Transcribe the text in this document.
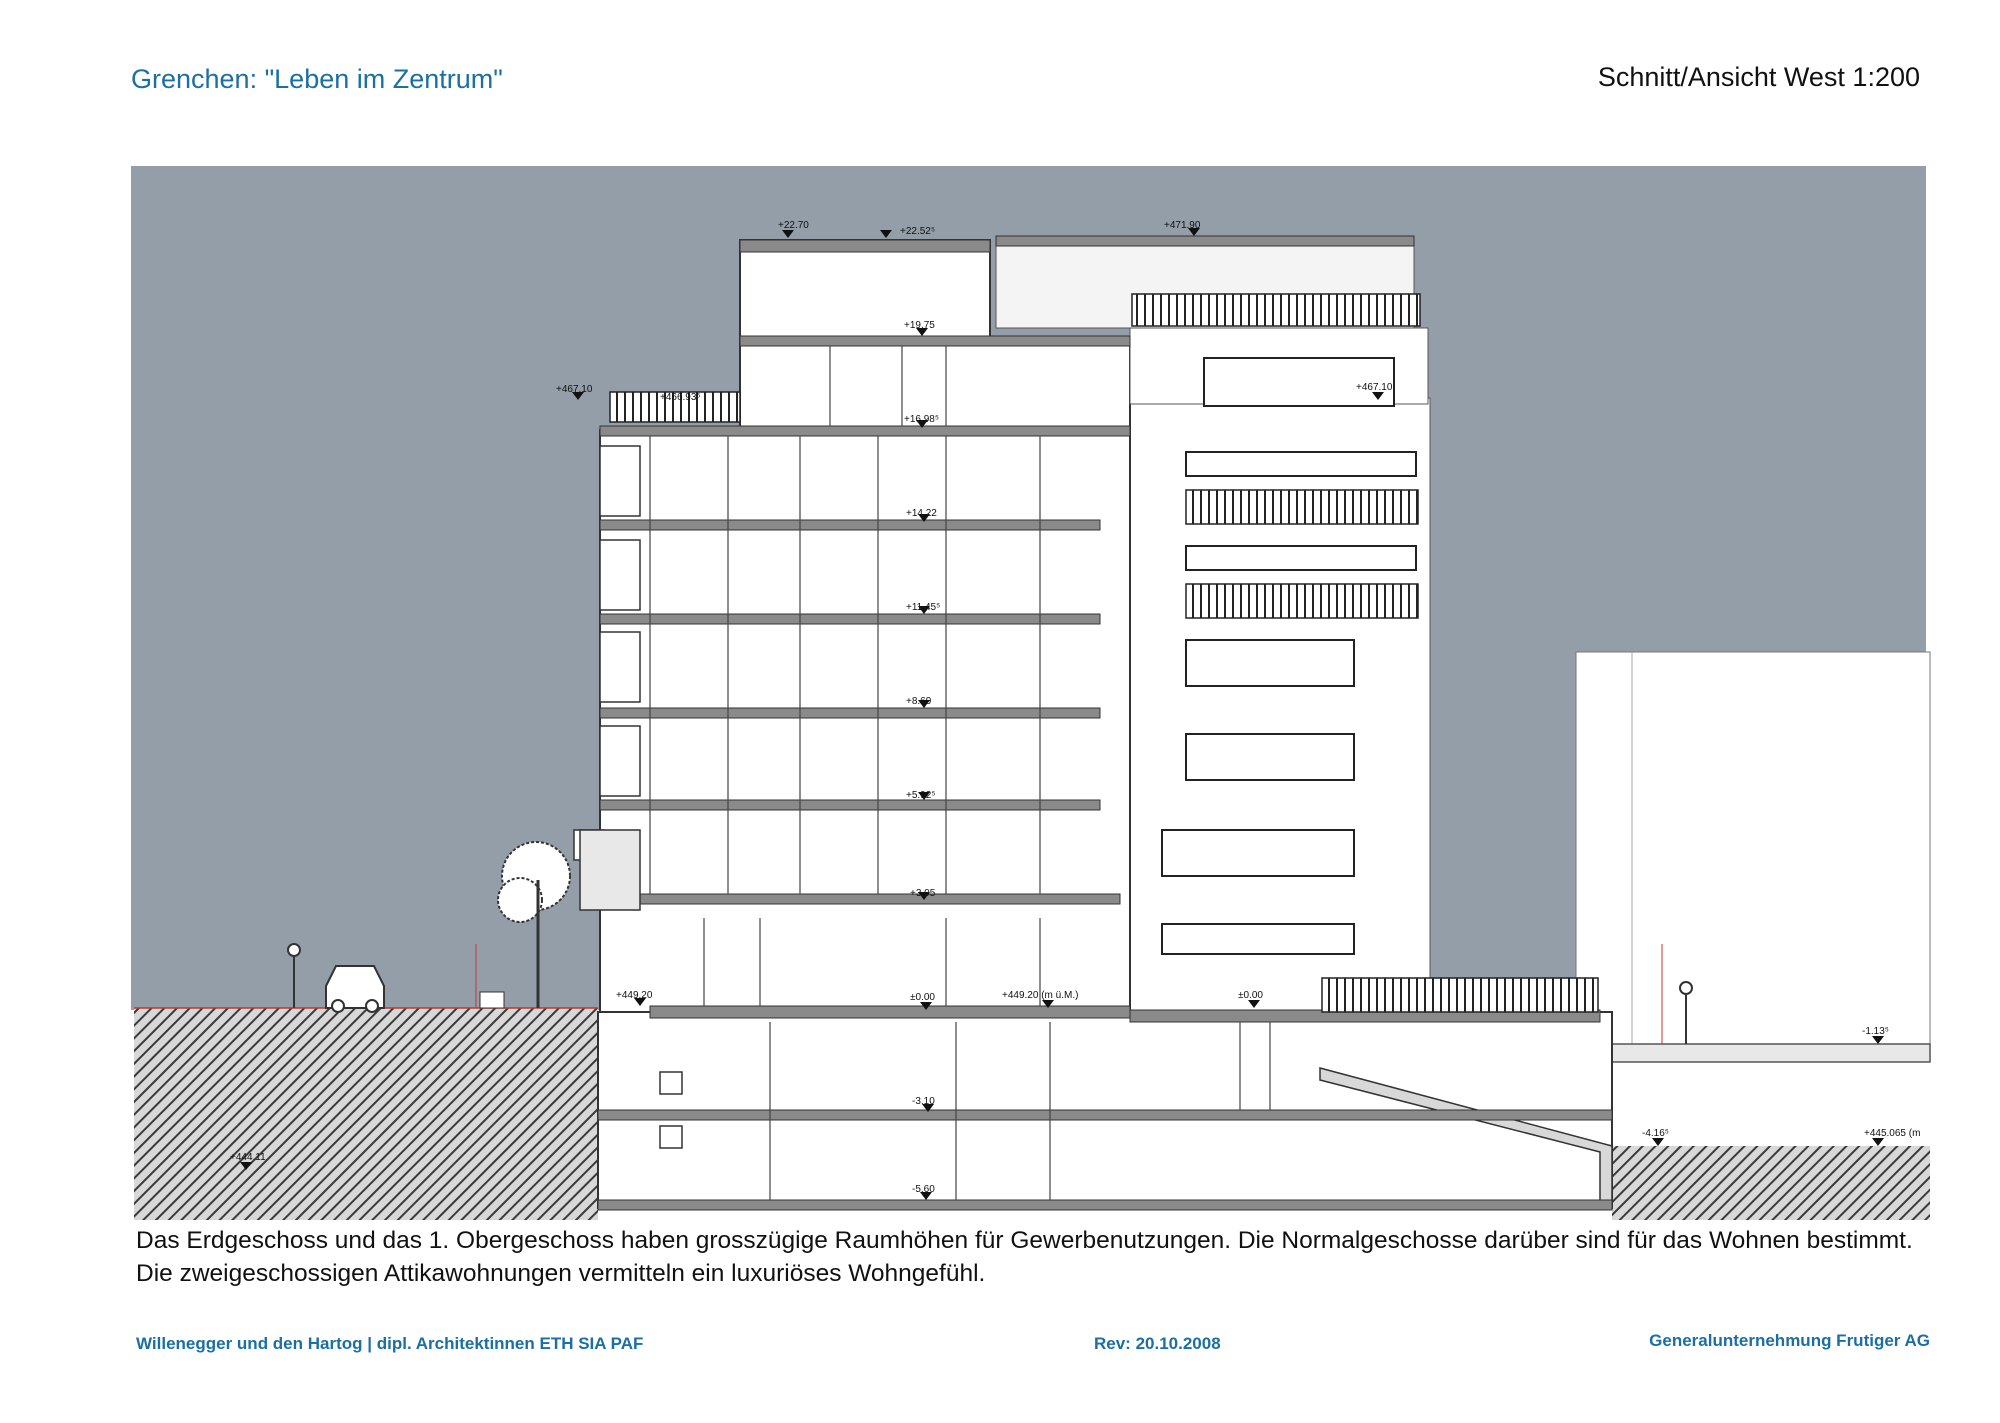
Grenchen: "Leben im Zentrum"	Schnitt/Ansicht West 1:200
+22.70
+22.52⁵
+471.90
+19.75
+16.98⁵
+467.10	+467.10
+466.93⁵
+14.22
+11.45⁵
+8.69
+5.92⁵
+3.05
+449.20	±0.00	+449.20 (m ü.M.)	±0.00
-1.13⁵
-3.10
-4.16⁵	+445.065 (m
-5.60
+444.11
Das Erdgeschoss und das 1. Obergeschoss haben grosszügige Raumhöhen für Gewerbenutzungen. Die Normalgeschosse darüber sind für das Wohnen bestimmt. Die zweigeschossigen Attikawohnungen vermitteln ein luxuriöses Wohngefühl.
Willenegger und den Hartog | dipl. Architektinnen ETH SIA PAF	Rev: 20.10.2008	Generalunternehmung Frutiger AG
